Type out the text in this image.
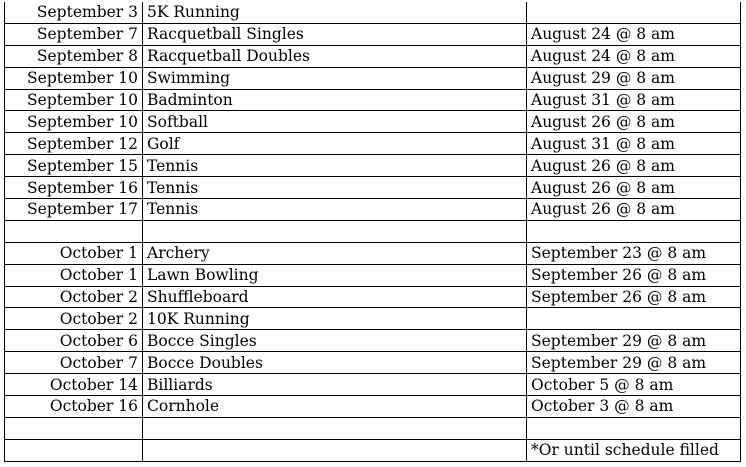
September 3	5K Running	
September 7	Racquetball Singles	August 24 @ 8 am
September 8	Racquetball Doubles	August 24 @ 8 am
September 10	Swimming	August 29 @ 8 am
September 10	Badminton	August 31 @ 8 am
September 10	Softball	August 26 @ 8 am
September 12	Golf	August 31 @ 8 am
September 15	Tennis	August 26 @ 8 am
September 16	Tennis	August 26 @ 8 am
September 17	Tennis	August 26 @ 8 am

October 1	Archery	September 23 @ 8 am
October 1	Lawn Bowling	September 26 @ 8 am
October 2	Shuffleboard	September 26 @ 8 am
October 2	10K Running	
October 6	Bocce Singles	September 29 @ 8 am
October 7	Bocce Doubles	September 29 @ 8 am
October 14	Billiards	October 5 @ 8 am
October 16	Cornhole	October 3 @ 8 am

		*Or until schedule filled
